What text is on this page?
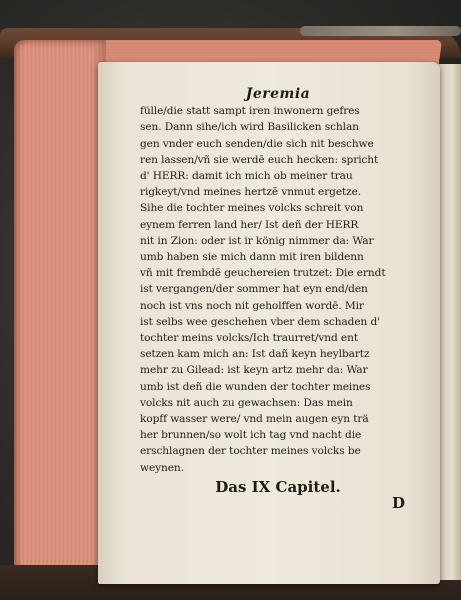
Jeremia
fülle/die statt sampt iren inwonern gefres
sen. Dann sihe/ich wird Basilicken schlan
gen vnder euch senden/die sich nit beschwe
ren lassen/vñ sie werdē euch hecken: spricht
d' HERR: damit ich mich ob meiner trau
rigkeyt/vnd meines hertzē vnmut ergetze.
Sihe die tochter meines volcks schreit von
eynem ferren land her/ Ist deñ der HERR
nit in Zion: oder ist ir könig nimmer da: War
umb haben sie mich dann mit iren bildenn
vñ mit frembdē geuchereien trutzet: Die erndt
ist vergangen/der sommer hat eyn end/den
noch ist vns noch nit geholffen wordē. Mir
ist selbs wee geschehen vber dem schaden d'
tochter meins volcks/Ich traurret/vnd ent
setzen kam mich an: Ist dañ keyn heylbartz
mehr zu Gilead: ist keyn artz mehr da: War
umb ist deñ die wunden der tochter meines
volcks nit auch zu gewachsen: Das mein
kopff wasser were/ vnd mein augen eyn trä
her brunnen/so wolt ich tag vnd nacht die
erschlagnen der tochter meines volcks be
weynen.
Das IX Capitel.
D
